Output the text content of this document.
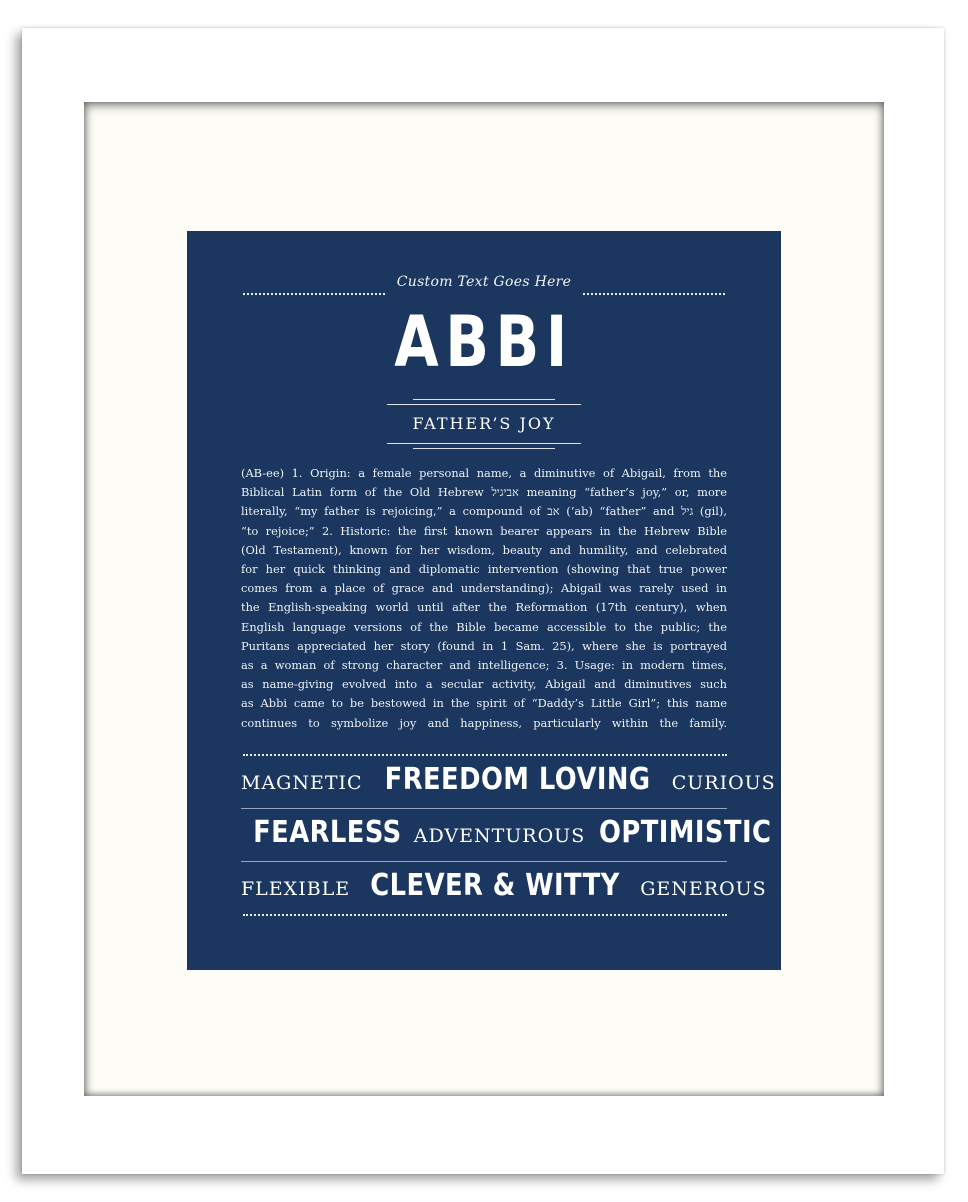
Custom Text Goes Here
ABBI
FATHER’S JOY
(AB-ee) 1. Origin: a female personal name, a diminutive of Abigail, from the
Biblical Latin form of the Old Hebrew אביגיל meaning “father’s joy,” or, more
literally, “my father is rejoicing,” a compound of אב (‘ab) “father” and גיל (gil),
“to rejoice;” 2. Historic: the first known bearer appears in the Hebrew Bible
(Old Testament), known for her wisdom, beauty and humility, and celebrated
for her quick thinking and diplomatic intervention (showing that true power
comes from a place of grace and understanding); Abigail was rarely used in
the English-speaking world until after the Reformation (17th century), when
English language versions of the Bible became accessible to the public; the
Puritans appreciated her story (found in 1 Sam. 25), where she is portrayed
as a woman of strong character and intelligence; 3. Usage: in modern times,
as name-giving evolved into a secular activity, Abigail and diminutives such
as Abbi came to be bestowed in the spirit of “Daddy’s Little Girl”; this name
continues to symbolize joy and happiness, particularly within the family.
magnetic FREEDOM LOVING curious
FEARLESS adventurous OPTIMISTIC
flexible CLEVER & WITTY generous
